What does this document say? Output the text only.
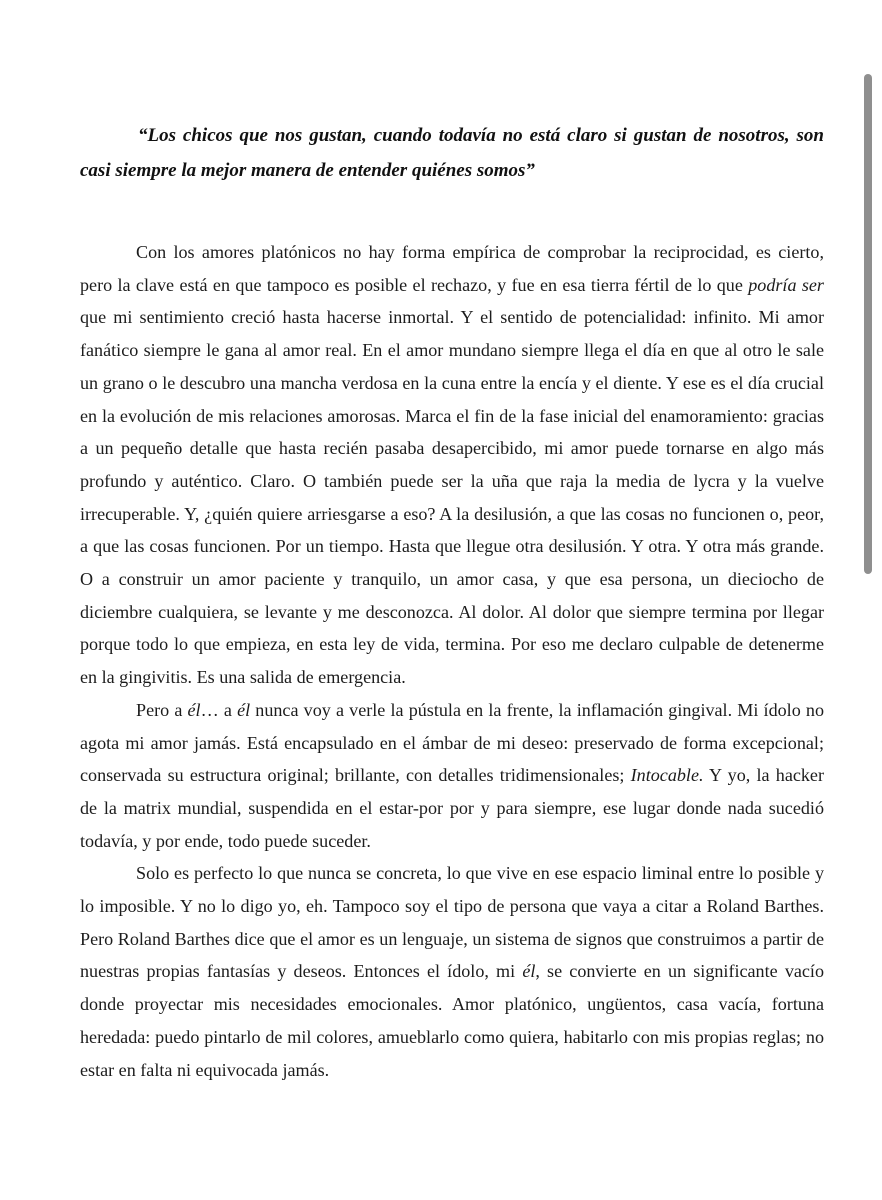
“Los chicos que nos gustan, cuando todavía no está claro si gustan de nosotros, son casi siempre la mejor manera de entender quiénes somos”

Con los amores platónicos no hay forma empírica de comprobar la reciprocidad, es cierto, pero la clave está en que tampoco es posible el rechazo, y fue en esa tierra fértil de lo que podría ser que mi sentimiento creció hasta hacerse inmortal. Y el sentido de potencialidad: infinito. Mi amor fanático siempre le gana al amor real. En el amor mundano siempre llega el día en que al otro le sale un grano o le descubro una mancha verdosa en la cuna entre la encía y el diente. Y ese es el día crucial en la evolución de mis relaciones amorosas. Marca el fin de la fase inicial del enamoramiento: gracias a un pequeño detalle que hasta recién pasaba desapercibido, mi amor puede tornarse en algo más profundo y auténtico. Claro. O también puede ser la uña que raja la media de lycra y la vuelve irrecuperable. Y, ¿quién quiere arriesgarse a eso? A la desilusión, a que las cosas no funcionen o, peor, a que las cosas funcionen. Por un tiempo. Hasta que llegue otra desilusión. Y otra. Y otra más grande. O a construir un amor paciente y tranquilo, un amor casa, y que esa persona, un dieciocho de diciembre cualquiera, se levante y me desconozca. Al dolor. Al dolor que siempre termina por llegar porque todo lo que empieza, en esta ley de vida, termina. Por eso me declaro culpable de detenerme en la gingivitis. Es una salida de emergencia.

Pero a él… a él nunca voy a verle la pústula en la frente, la inflamación gingival. Mi ídolo no agota mi amor jamás. Está encapsulado en el ámbar de mi deseo: preservado de forma excepcional; conservada su estructura original; brillante, con detalles tridimensionales; Intocable. Y yo, la hacker de la matrix mundial, suspendida en el estar-por por y para siempre, ese lugar donde nada sucedió todavía, y por ende, todo puede suceder.

Solo es perfecto lo que nunca se concreta, lo que vive en ese espacio liminal entre lo posible y lo imposible. Y no lo digo yo, eh. Tampoco soy el tipo de persona que vaya a citar a Roland Barthes. Pero Roland Barthes dice que el amor es un lenguaje, un sistema de signos que construimos a partir de nuestras propias fantasías y deseos. Entonces el ídolo, mi él, se convierte en un significante vacío donde proyectar mis necesidades emocionales. Amor platónico, ungüentos, casa vacía, fortuna heredada: puedo pintarlo de mil colores, amueblarlo como quiera, habitarlo con mis propias reglas; no estar en falta ni equivocada jamás.
